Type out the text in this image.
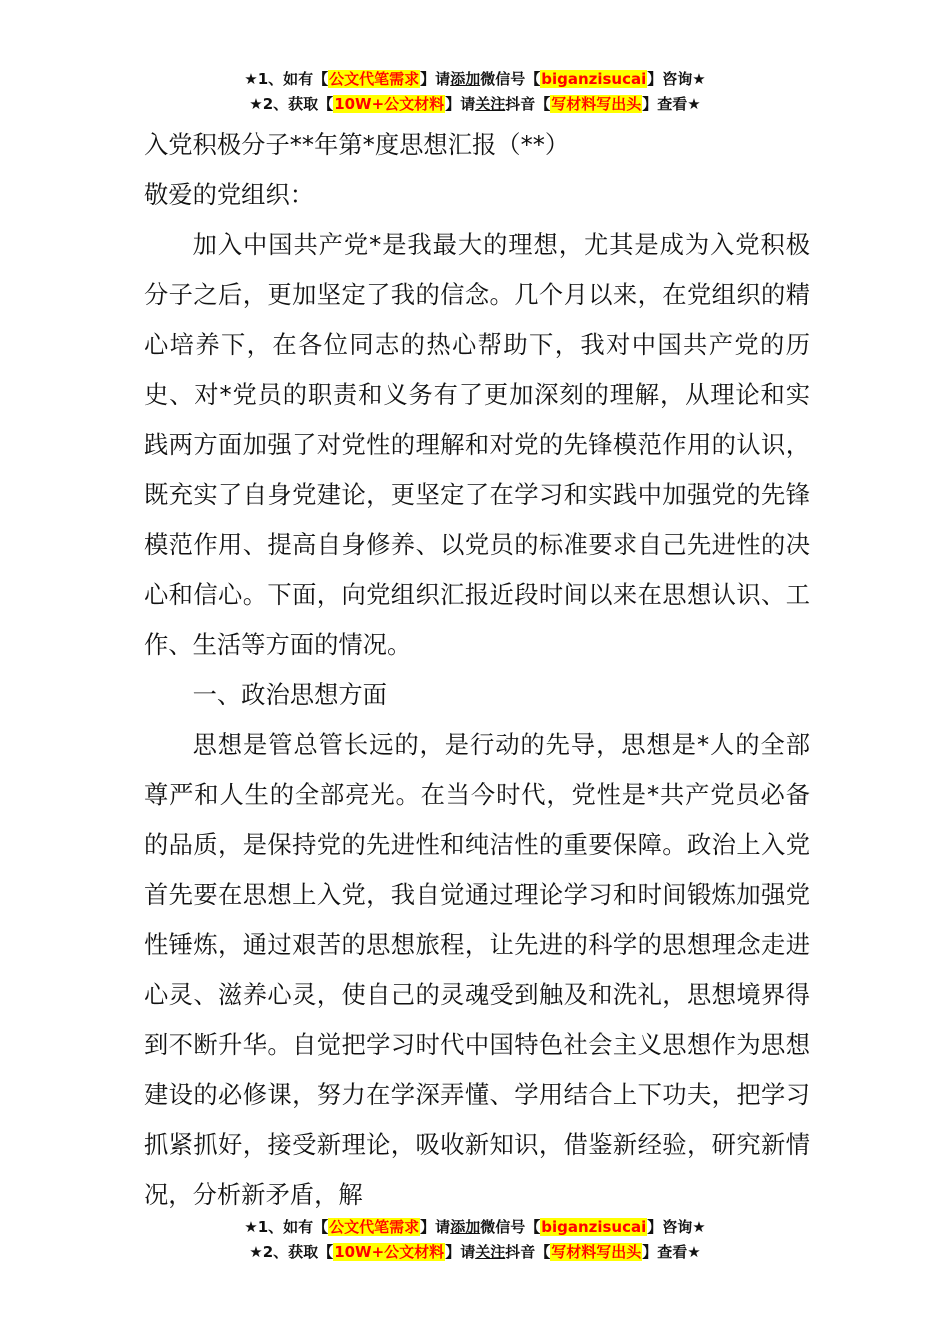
★1、如有【公文代笔需求】请添加微信号【biganzisucai】咨询★
★2、获取【10W+公文材料】请关注抖音【写材料写出头】查看★

入党积极分子**年第*度思想汇报（**）

敬爱的党组织：

加入中国共产党*是我最大的理想，尤其是成为入党积极分子之后，更加坚定了我的信念。几个月以来，在党组织的精心培养下，在各位同志的热心帮助下，我对中国共产党的历史、对*党员的职责和义务有了更加深刻的理解，从理论和实践两方面加强了对党性的理解和对党的先锋模范作用的认识，既充实了自身党建论，更坚定了在学习和实践中加强党的先锋模范作用、提高自身修养、以党员的标准要求自己先进性的决心和信心。下面，向党组织汇报近段时间以来在思想认识、工作、生活等方面的情况。

一、政治思想方面

思想是管总管长远的，是行动的先导，思想是*人的全部尊严和人生的全部亮光。在当今时代，党性是*共产党员必备的品质，是保持党的先进性和纯洁性的重要保障。政治上入党首先要在思想上入党，我自觉通过理论学习和时间锻炼加强党性锤炼，通过艰苦的思想旅程，让先进的科学的思想理念走进心灵、滋养心灵，使自己的灵魂受到触及和洗礼，思想境界得到不断升华。自觉把学习时代中国特色社会主义思想作为思想建设的必修课，努力在学深弄懂、学用结合上下功夫，把学习抓紧抓好，接受新理论，吸收新知识，借鉴新经验，研究新情况，分析新矛盾，解

★1、如有【公文代笔需求】请添加微信号【biganzisucai】咨询★
★2、获取【10W+公文材料】请关注抖音【写材料写出头】查看★
